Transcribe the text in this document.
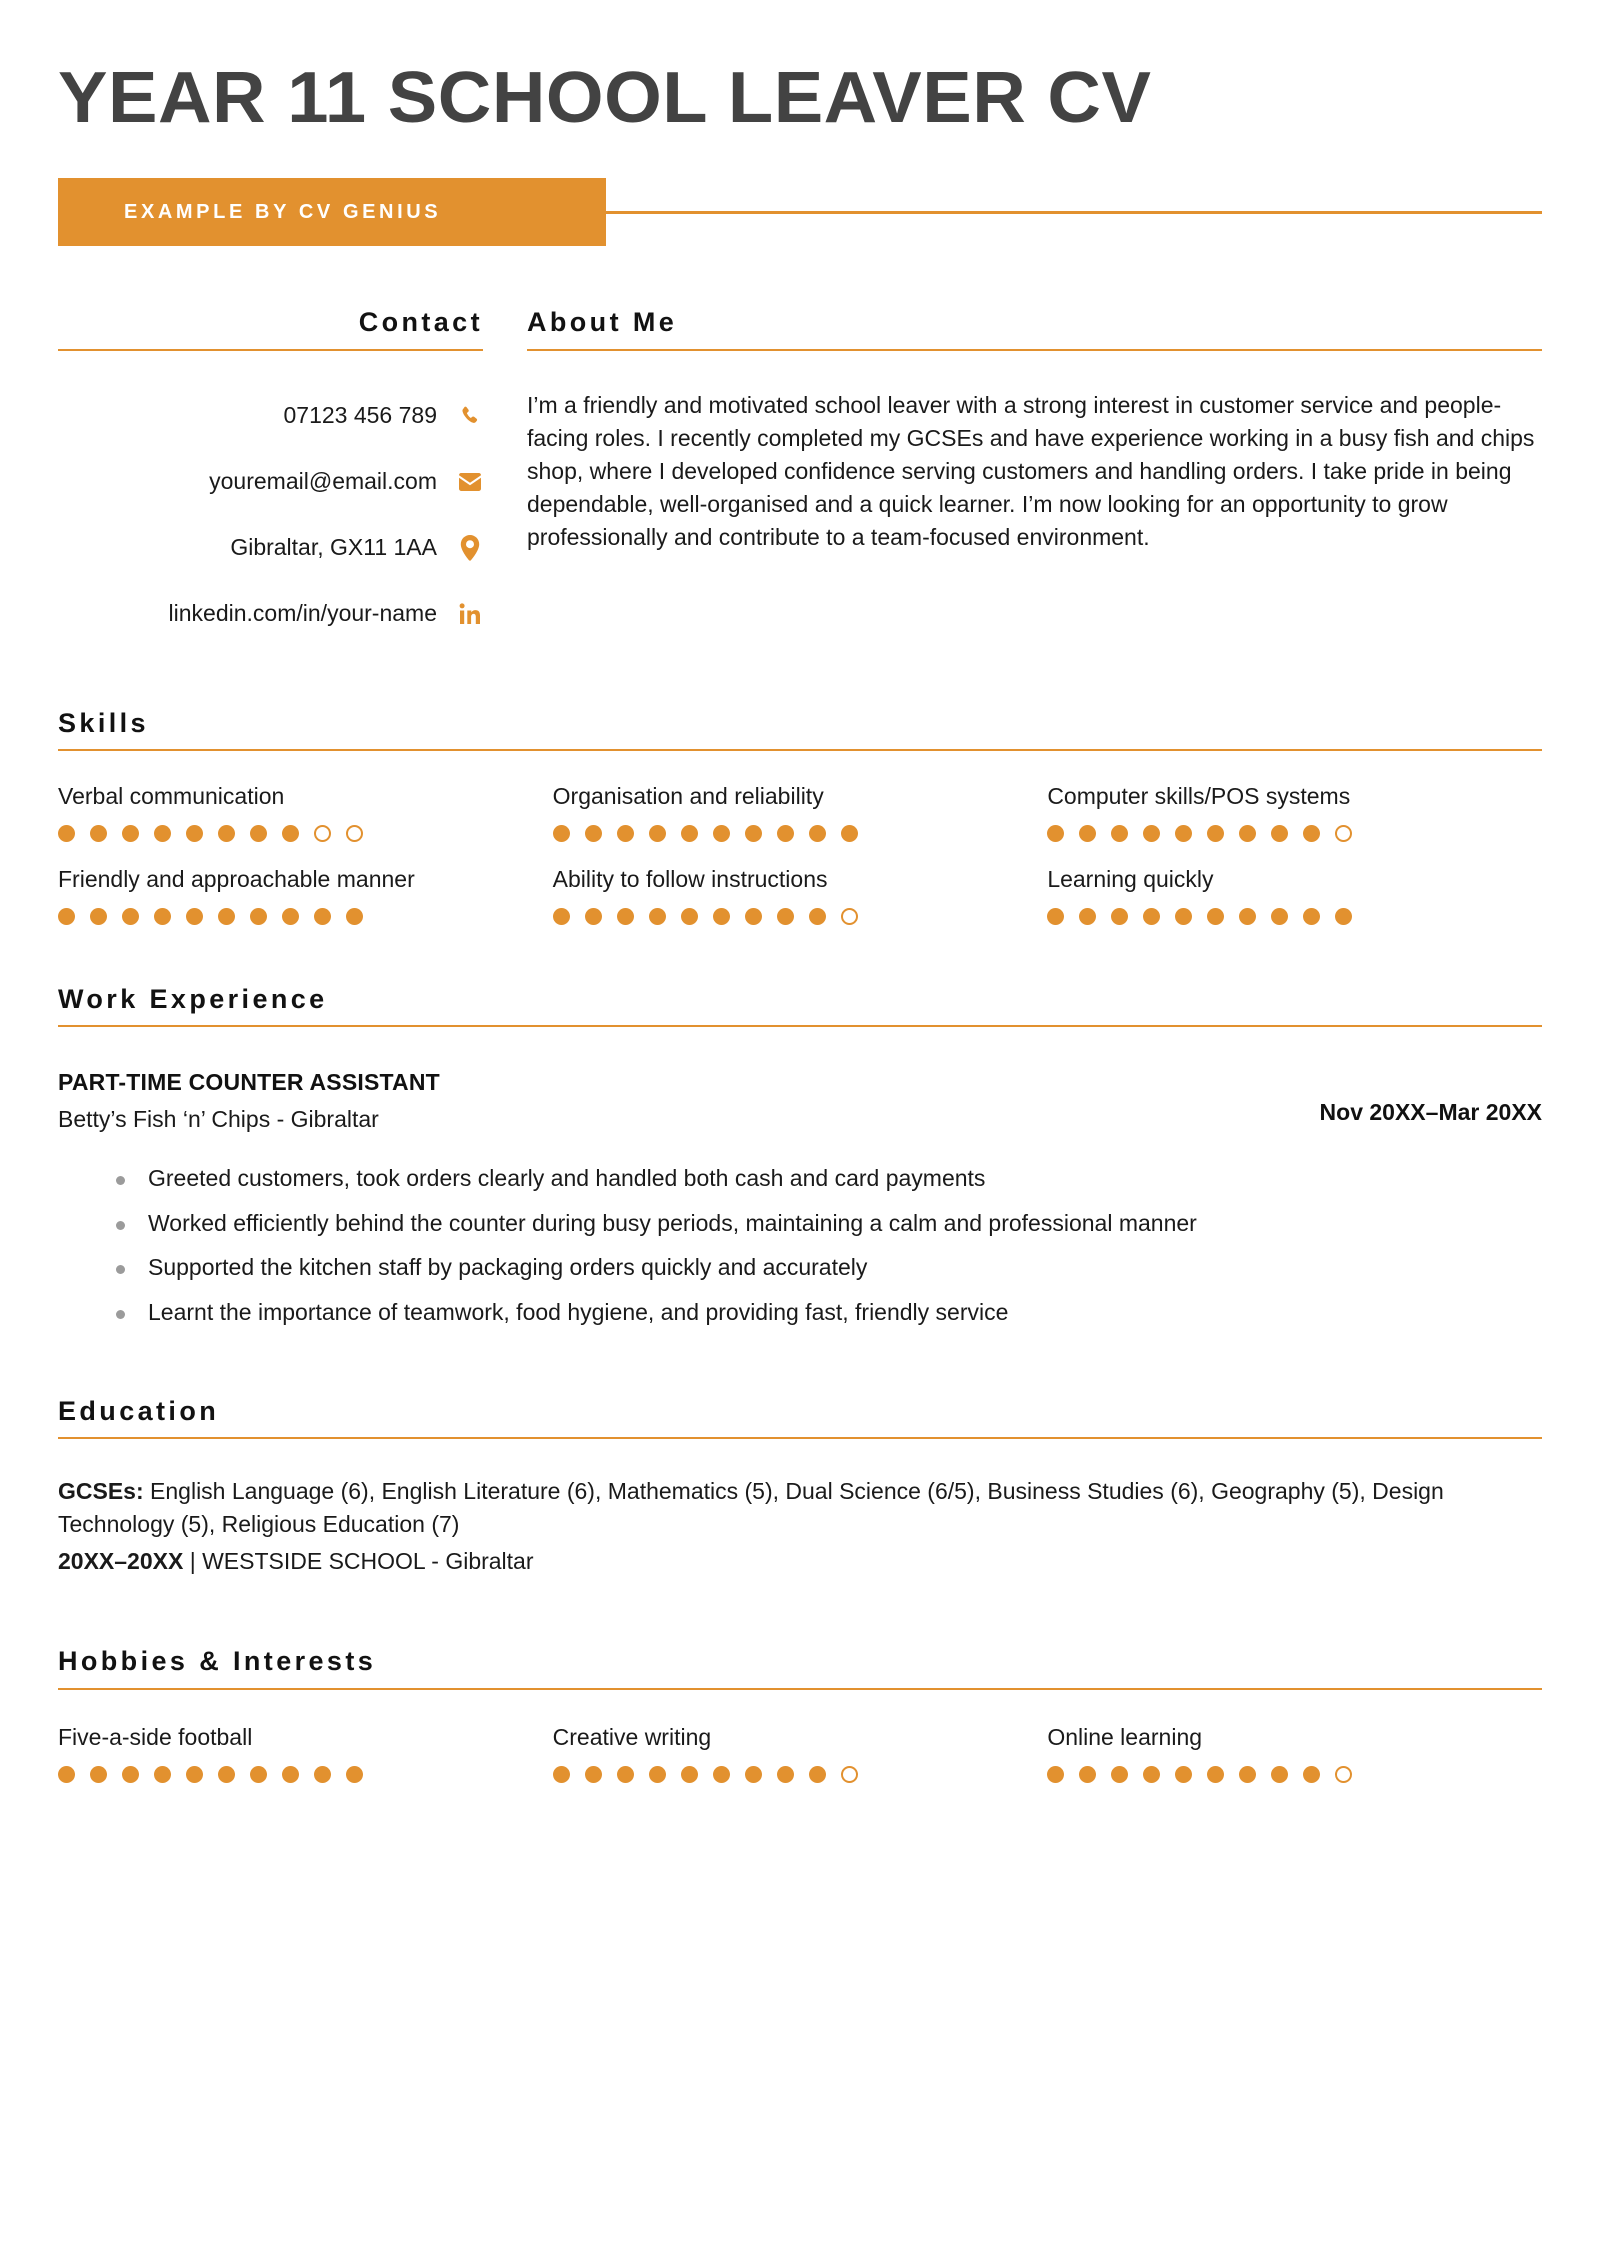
YEAR 11 SCHOOL LEAVER CV
EXAMPLE BY CV GENIUS
Contact
07123 456 789
youremail@email.com
Gibraltar, GX11 1AA
linkedin.com/in/your-name
About Me
I’m a friendly and motivated school leaver with a strong interest in customer service and people-facing roles. I recently completed my GCSEs and have experience working in a busy fish and chips shop, where I developed confidence serving customers and handling orders. I take pride in being dependable, well-organised and a quick learner. I’m now looking for an opportunity to grow professionally and contribute to a team-focused environment.
Skills
Verbal communication	Organisation and reliability	Computer skills/POS systems
Friendly and approachable manner	Ability to follow instructions	Learning quickly
Work Experience
PART-TIME COUNTER ASSISTANT
Betty’s Fish ‘n’ Chips - Gibraltar	Nov 20XX–Mar 20XX
Greeted customers, took orders clearly and handled both cash and card payments
Worked efficiently behind the counter during busy periods, maintaining a calm and professional manner
Supported the kitchen staff by packaging orders quickly and accurately
Learnt the importance of teamwork, food hygiene, and providing fast, friendly service
Education
GCSEs: English Language (6), English Literature (6), Mathematics (5), Dual Science (6/5), Business Studies (6), Geography (5), Design Technology (5), Religious Education (7)
20XX–20XX | WESTSIDE SCHOOL - Gibraltar
Hobbies & Interests
Five-a-side football	Creative writing	Online learning
